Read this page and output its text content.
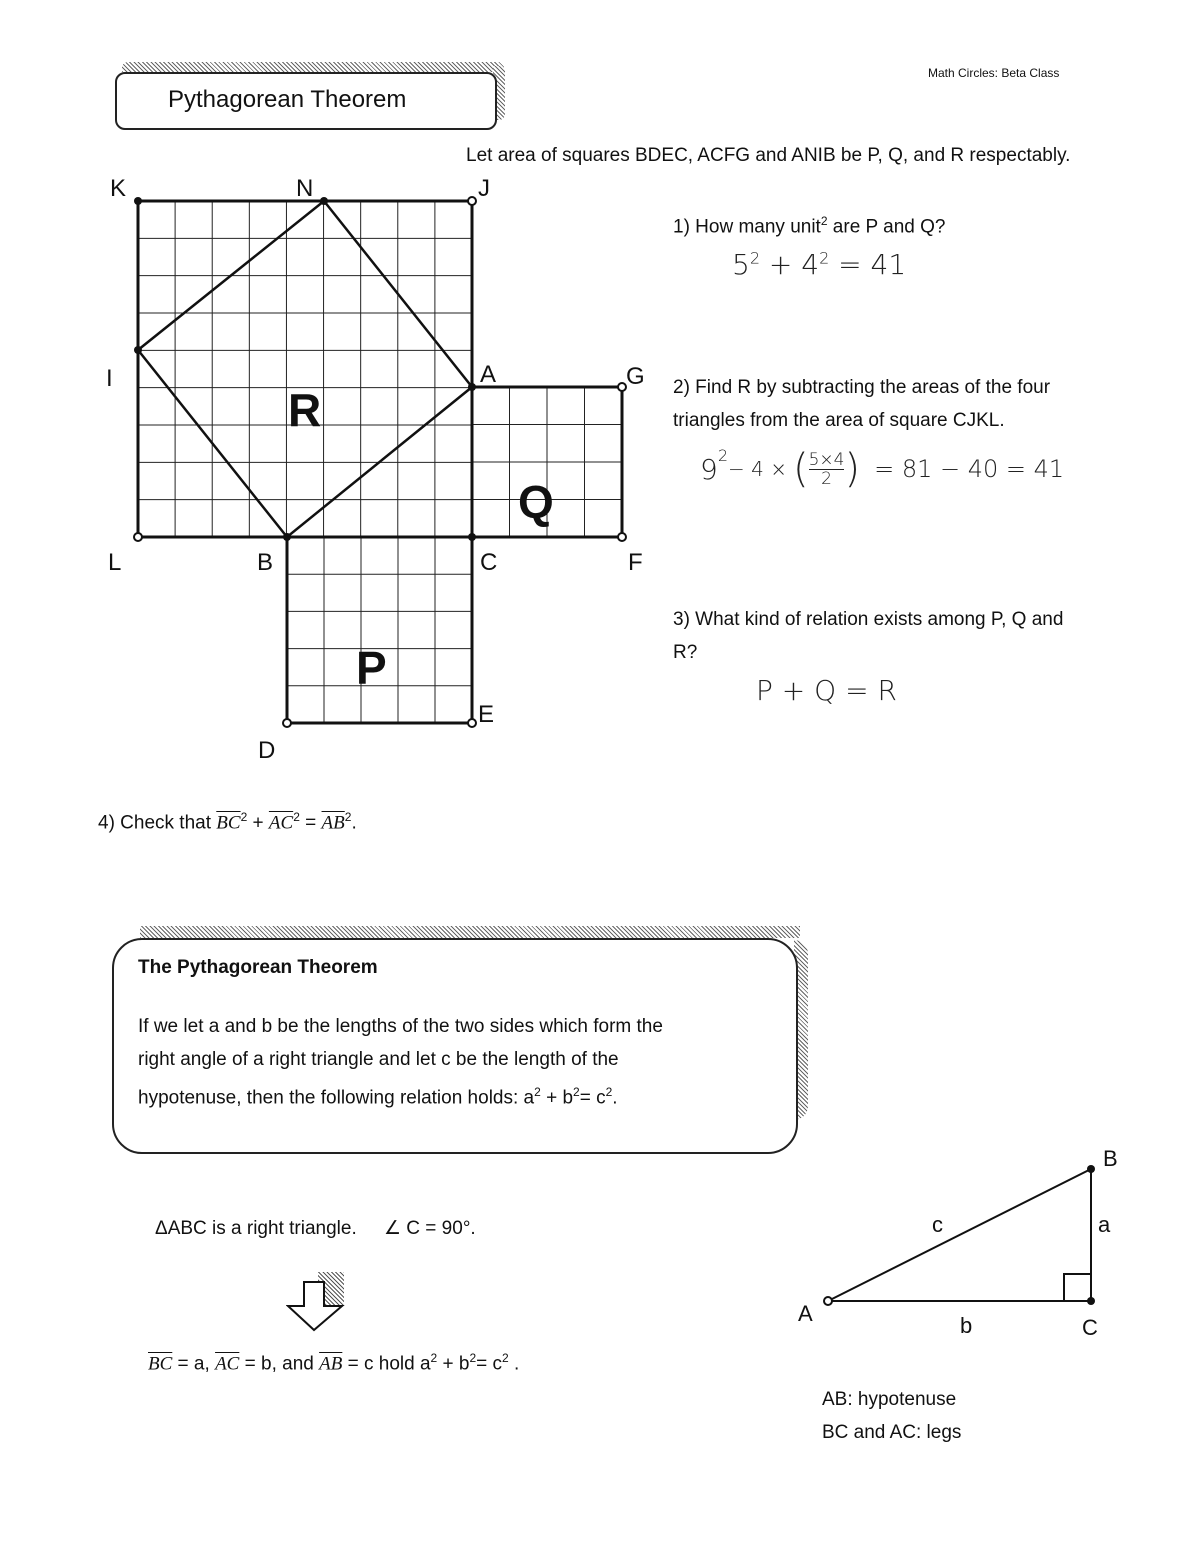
Pythagorean Theorem
Math Circles: Beta Class
Let area of squares BDEC, ACFG and ANIB be P, Q, and R respectably.
K	N	J
I	A	G
L	B	C	F
D
E
R
Q
P
1) How many unit$^2$ are P and Q?
$5^2 + 4^2 = 41$
2) Find R by subtracting the areas of the four
triangles from the area of square CJKL.
$9^2$
− 4 × ( 5×4
2 ) = 81 − 40 = 41
3) What kind of relation exists among P, Q and
R?
P + Q = R
4) Check that $\overline{BC}^2 + \overline{AC}^2 = \overline{AB}^2$.
The Pythagorean Theorem
If we let a and b be the lengths of the two sides which form the
right angle of a right triangle and let c be the length of the
hypotenuse, then the following relation holds: $a^2 + b^2= c^2$.
ΔABC is a right triangle. ∠ C = 90°.
$\overline{BC} = a$, $\overline{AC} = b$, and $\overline{AB} = c$ hold $a^2 + b^2= c^2$ .
A
B
C
a
b
c
AB: hypotenuse
BC and AC: legs
